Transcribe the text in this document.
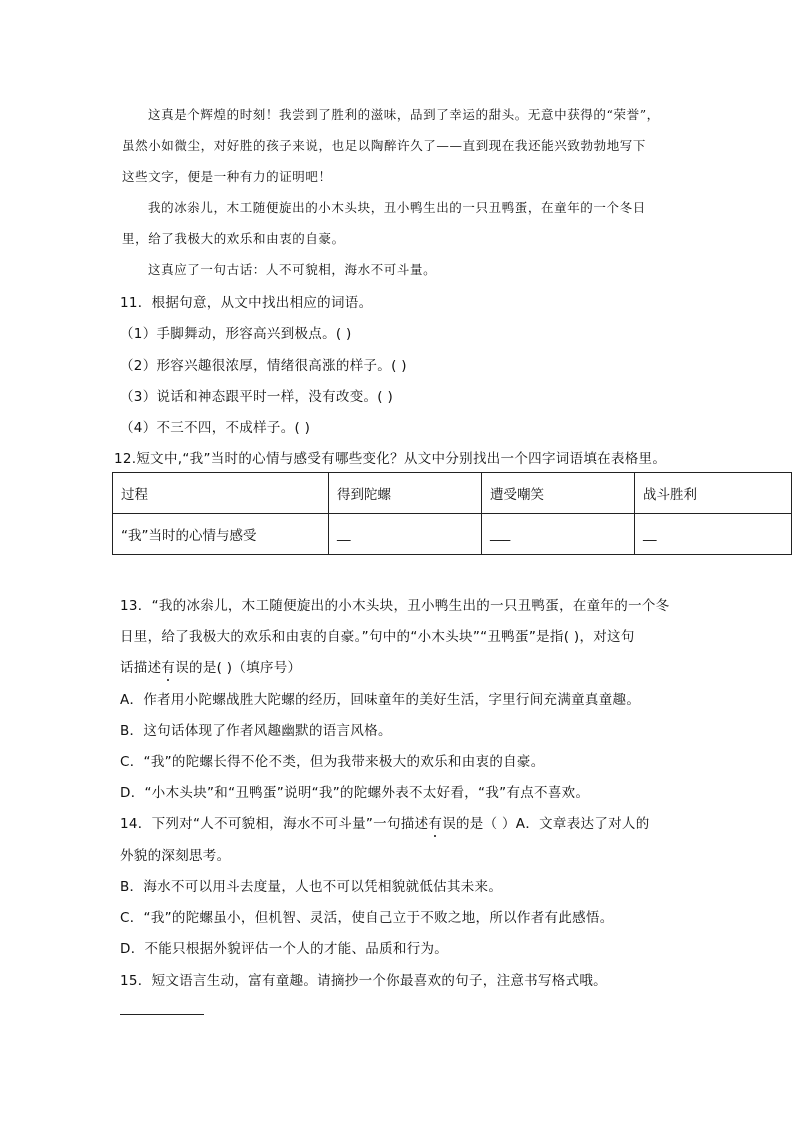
这真是个辉煌的时刻！我尝到了胜利的滋味，品到了幸运的甜头。无意中获得的“荣誉”，
虽然小如微尘，对好胜的孩子来说，也足以陶醉许久了——直到现在我还能兴致勃勃地写下
这些文字，便是一种有力的证明吧！
我的冰尜儿，木工随便旋出的小木头块，丑小鸭生出的一只丑鸭蛋，在童年的一个冬日
里，给了我极大的欢乐和由衷的自豪。
这真应了一句古话：人不可貌相，海水不可斗量。
11．根据句意，从文中找出相应的词语。
（1）手脚舞动，形容高兴到极点。( )
（2）形容兴趣很浓厚，情绪很高涨的样子。( )
（3）说话和神态跟平时一样，没有改变。( )
（4）不三不四，不成样子。( )
12.短文中,“我”当时的心情与感受有哪些变化？从文中分别找出一个四字词语填在表格里。
过程	得到陀螺	遭受嘲笑	战斗胜利
“我”当时的心情与感受	__	___	__
13．“我的冰尜儿，木工随便旋出的小木头块，丑小鸭生出的一只丑鸭蛋，在童年的一个冬
日里，给了我极大的欢乐和由衷的自豪。”句中的“小木头块”“丑鸭蛋”是指( )，对这句
话描述有误的是( )（填序号）
A．作者用小陀螺战胜大陀螺的经历，回味童年的美好生活，字里行间充满童真童趣。
B．这句话体现了作者风趣幽默的语言风格。
C．“我”的陀螺长得不伦不类，但为我带来极大的欢乐和由衷的自豪。
D．“小木头块”和“丑鸭蛋”说明“我”的陀螺外表不太好看，“我”有点不喜欢。
14．下列对“人不可貌相，海水不可斗量”一句描述有误的是（ ）A．文章表达了对人的
外貌的深刻思考。
B．海水不可以用斗去度量，人也不可以凭相貌就低估其未来。
C．“我”的陀螺虽小，但机智、灵活，使自己立于不败之地，所以作者有此感悟。
D．不能只根据外貌评估一个人的才能、品质和行为。
15．短文语言生动，富有童趣。请摘抄一个你最喜欢的句子，注意书写格式哦。
